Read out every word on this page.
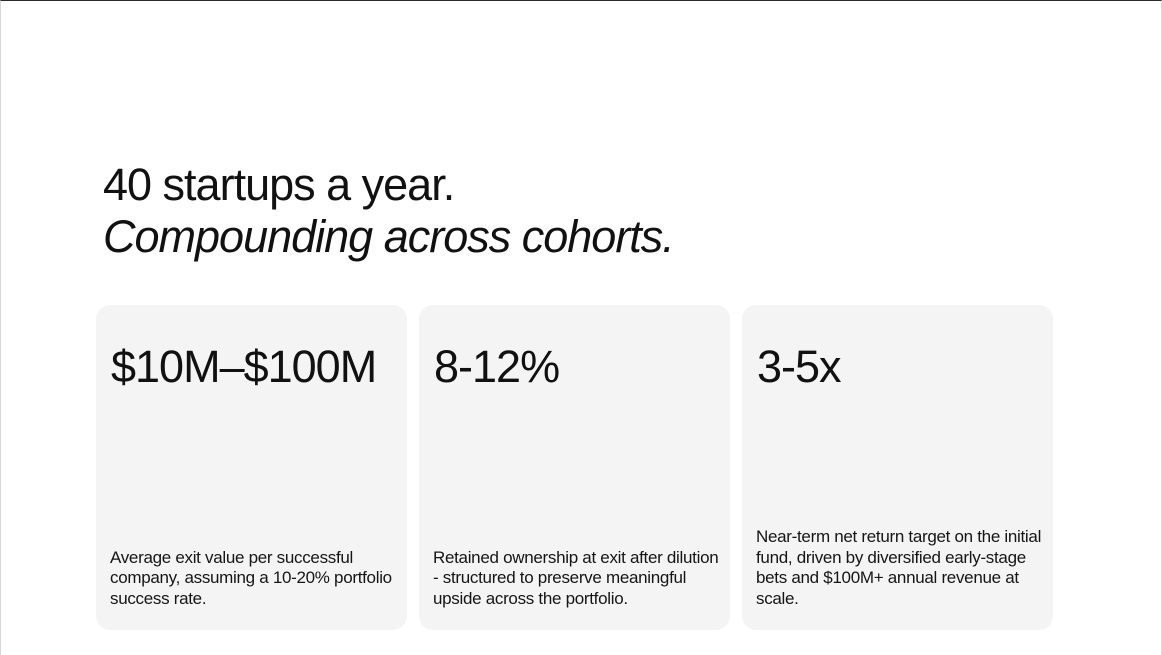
40 startups a year.
Compounding across cohorts.
$10M–$100M
Average exit value per successful company, assuming a 10-20% portfolio success rate.
8-12%
Retained ownership at exit after dilution - structured to preserve meaningful upside across the portfolio.
3-5x
Near-term net return target on the initial fund, driven by diversified early-stage bets and $100M+ annual revenue at scale.
